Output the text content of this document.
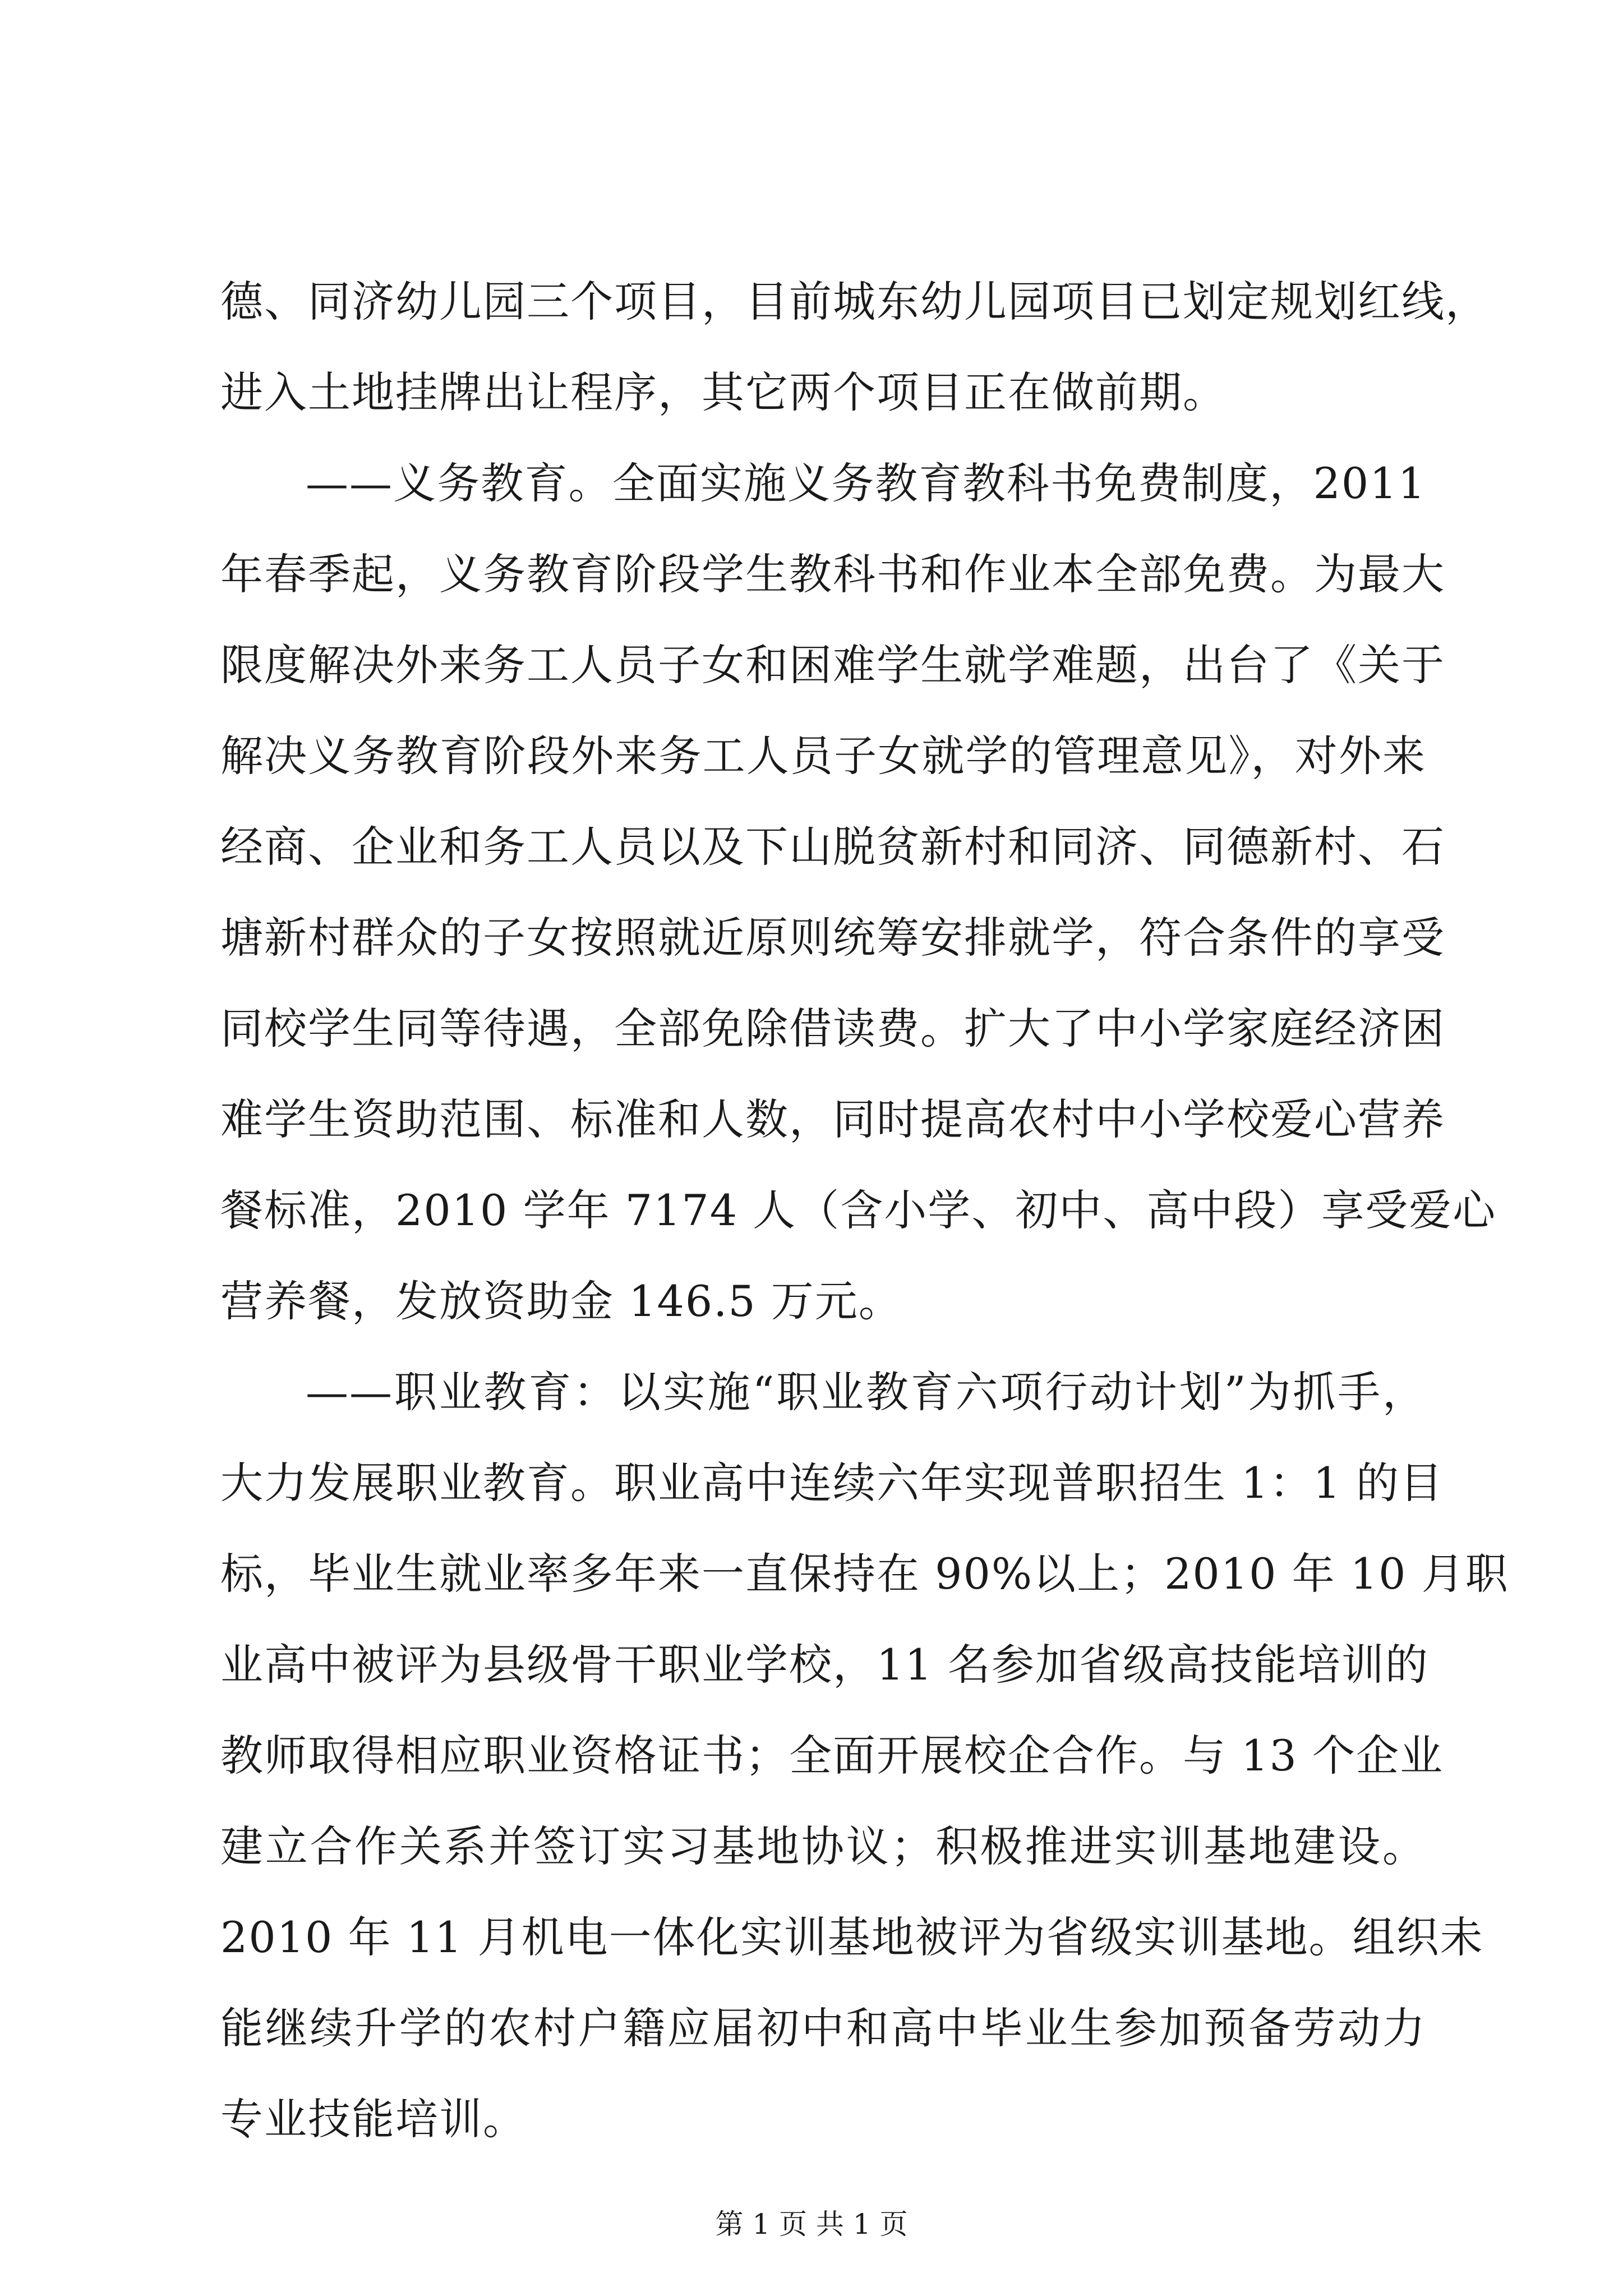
德、同济幼儿园三个项目，目前城东幼儿园项目已划定规划红线，
进入土地挂牌出让程序，其它两个项目正在做前期。
——义务教育。全面实施义务教育教科书免费制度，2011
年春季起，义务教育阶段学生教科书和作业本全部免费。为最大
限度解决外来务工人员子女和困难学生就学难题，出台了《关于
解决义务教育阶段外来务工人员子女就学的管理意见》，对外来
经商、企业和务工人员以及下山脱贫新村和同济、同德新村、石
塘新村群众的子女按照就近原则统筹安排就学，符合条件的享受
同校学生同等待遇，全部免除借读费。扩大了中小学家庭经济困
难学生资助范围、标准和人数，同时提高农村中小学校爱心营养
餐标准，2010 学年 7174 人（含小学、初中、高中段）享受爱心
营养餐，发放资助金 146.5 万元。
——职业教育：以实施“职业教育六项行动计划”为抓手，
大力发展职业教育。职业高中连续六年实现普职招生 1：1 的目
标，毕业生就业率多年来一直保持在 90%以上；2010 年 10 月职
业高中被评为县级骨干职业学校，11 名参加省级高技能培训的
教师取得相应职业资格证书；全面开展校企合作。与 13 个企业
建立合作关系并签订实习基地协议；积极推进实训基地建设。
2010 年 11 月机电一体化实训基地被评为省级实训基地。组织未
能继续升学的农村户籍应届初中和高中毕业生参加预备劳动力
专业技能培训。
第 1 页 共 1 页
